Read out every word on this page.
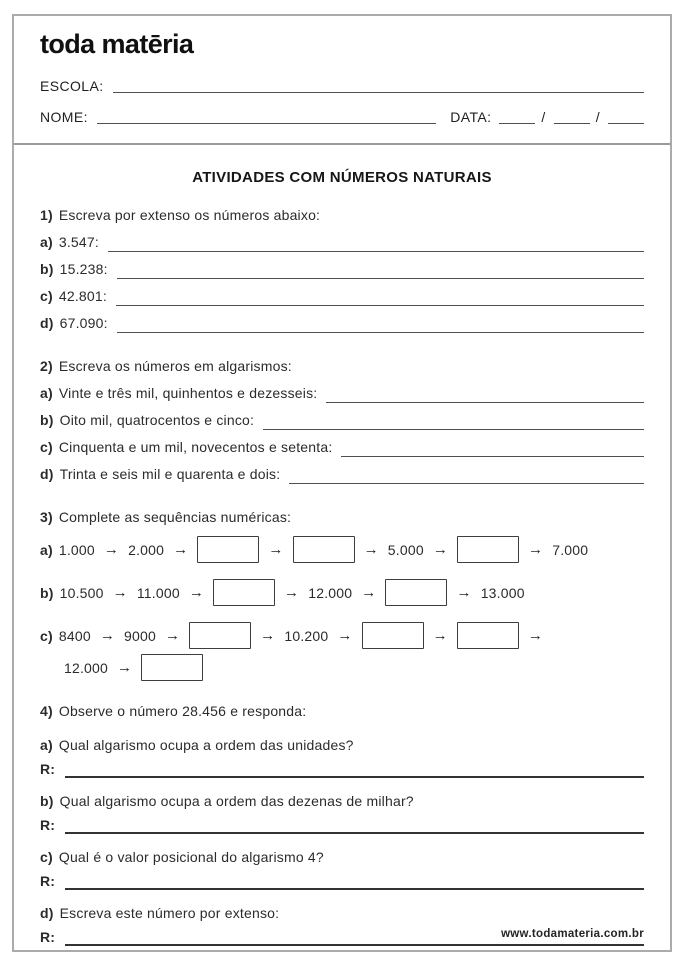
toda matēria
ESCOLA:
NOME:	DATA:	/	/
ATIVIDADES COM NÚMEROS NATURAIS
1) Escreva por extenso os números abaixo:
a) 3.547:
b) 15.238:
c) 42.801:
d) 67.090:
2) Escreva os números em algarismos:
a) Vinte e três mil, quinhentos e dezesseis:
b) Oito mil, quatrocentos e cinco:
c) Cinquenta e um mil, novecentos e setenta:
d) Trinta e seis mil e quarenta e dois:
3) Complete as sequências numéricas:
a) 1.000 → 2.000 →	→	→ 5.000 →	→ 7.000
b) 10.500 → 11.000 →	→ 12.000 →	→ 13.000
c) 8400 → 9000 →	→ 10.200 →	→	→
12.000 →
4) Observe o número 28.456 e responda:
a) Qual algarismo ocupa a ordem das unidades?
R:
b) Qual algarismo ocupa a ordem das dezenas de milhar?
R:
c) Qual é o valor posicional do algarismo 4?
R:
d) Escreva este número por extenso:
R:	www.todamateria.com.br
